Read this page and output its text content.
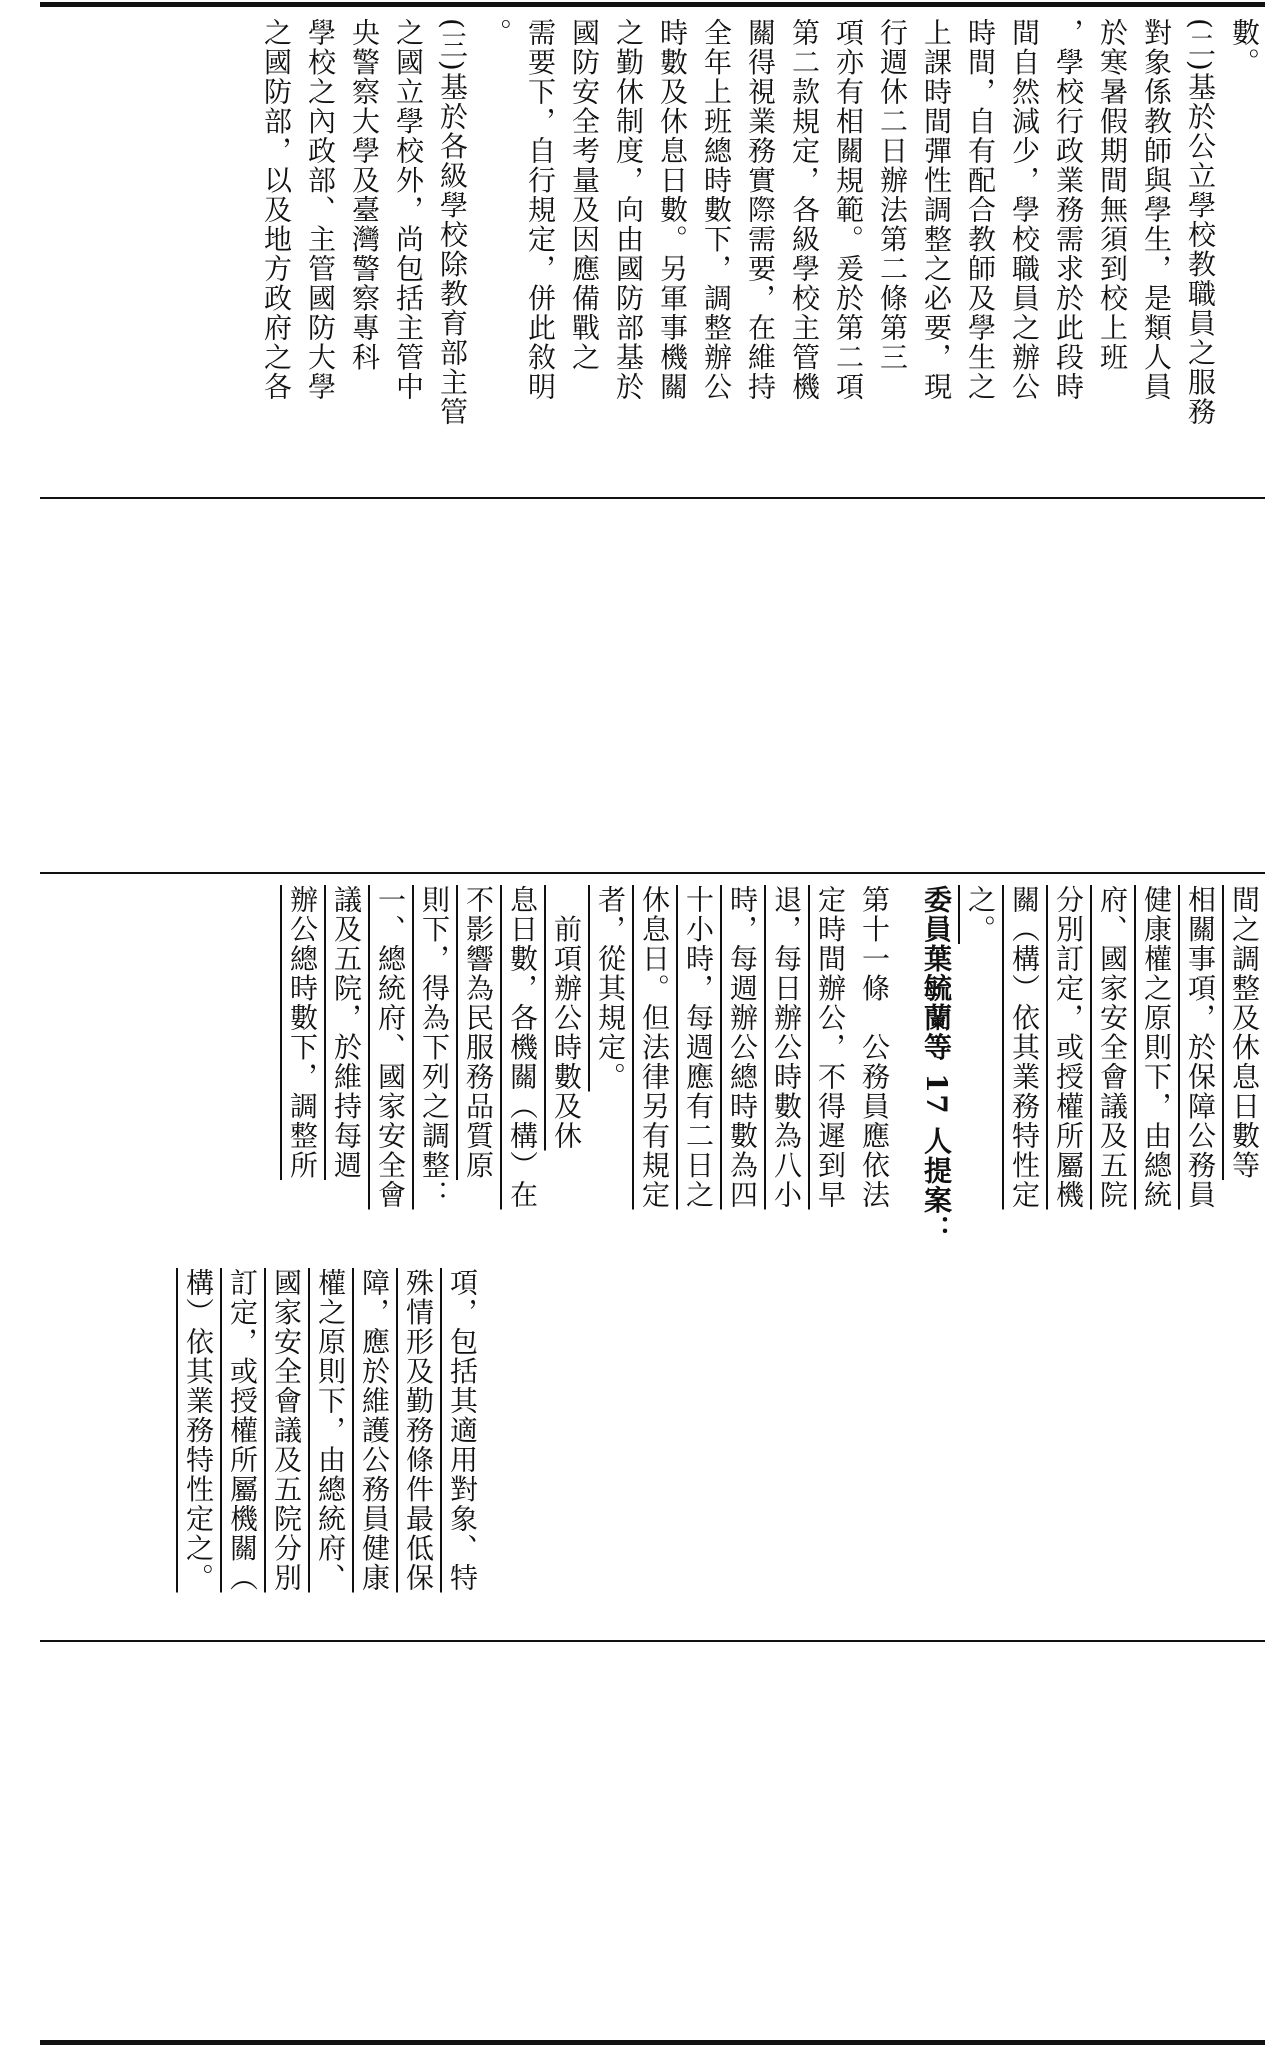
數。
(二)基於公立學校教職員之服務
對象係教師與學生，是類人員
於寒暑假期間無須到校上班
，學校行政業務需求於此段時
間自然減少，學校職員之辦公
時間，自有配合教師及學生之
上課時間彈性調整之必要，現
行週休二日辦法第二條第三
項亦有相關規範。爰於第二項
第二款規定，各級學校主管機
關得視業務實際需要，在維持
全年上班總時數下，調整辦公
時數及休息日數。另軍事機關
之勤休制度，向由國防部基於
國防安全考量及因應備戰之
需要下，自行規定，併此敘明
。
(三)基於各級學校除教育部主管
之國立學校外，尚包括主管中
央警察大學及臺灣警察專科
學校之內政部、主管國防大學
之國防部，以及地方政府之各
間之調整及休息日數等
相關事項，於保障公務員
健康權之原則下，由總統
府、國家安全會議及五院
分別訂定，或授權所屬機
關（構）依其業務特性定
之。
委員葉毓蘭等 17 人提案：
第十一條　公務員應依法
定時間辦公，不得遲到早
退，每日辦公時數為八小
時，每週辦公總時數為四
十小時，每週應有二日之
休息日。但法律另有規定
者，從其規定。
　前項辦公時數及休
息日數，各機關（構）在
不影響為民服務品質原
則下，得為下列之調整：
一、總統府、國家安全會
議及五院，於維持每週
辦公總時數下，調整所
項，包括其適用對象、特
殊情形及勤務條件最低保
障，應於維護公務員健康
權之原則下，由總統府、
國家安全會議及五院分別
訂定，或授權所屬機關（
構）依其業務特性定之。
